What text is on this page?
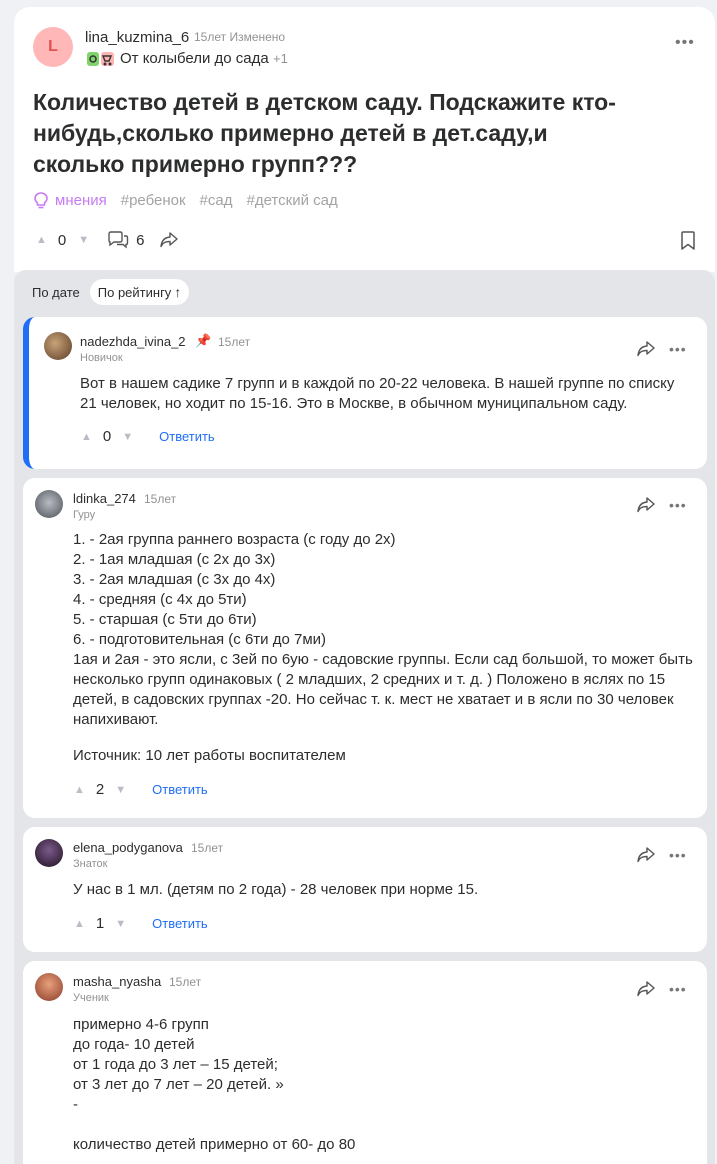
L
lina_kuzmina_6 15лет Изменено
От колыбели до сада +1
•••
Количество детей в детском саду. Подскажите кто-нибудь,сколько примерно детей в дет.саду,и сколько примерно групп???
мнения #ребенок #сад #детский сад
▲ 0 ▼	6
По дате	По рейтингу ↑
nadezhda_ivina_2 📌 15лет
Новичок
•••
Вот в нашем садике 7 групп и в каждой по 20-22 человека. В нашей группе по списку
21 человек, но ходит по 15-16. Это в Москве, в обычном муниципальном саду.
▲ 0 ▼ Ответить
ldinka_274 15лет
Гуру
•••
1. - 2ая группа раннего возраста (с году до 2х)
2. - 1ая младшая (с 2х до 3х)
3. - 2ая младшая (с 3х до 4х)
4. - средняя (с 4х до 5ти)
5. - старшая (с 5ти до 6ти)
6. - подготовительная (с 6ти до 7ми)
1ая и 2ая - это ясли, с 3ей по 6ую - садовские группы. Если сад большой, то может быть
несколько групп одинаковых ( 2 младших, 2 средних и т. д. ) Положено в яслях по 15
детей, в садовских группах -20. Но сейчас т. к. мест не хватает и в ясли по 30 человек
напихивают.
Источник: 10 лет работы воспитателем
▲ 2 ▼ Ответить
elena_podyganova 15лет
Знаток
•••
У нас в 1 мл. (детям по 2 года) - 28 человек при норме 15.
▲ 1 ▼ Ответить
masha_nyasha 15лет
Ученик
•••
примерно 4-6 групп
до года- 10 детей
от 1 года до 3 лет – 15 детей;
от 3 лет до 7 лет – 20 детей. »
-

количество детей примерно от 60- до 80
